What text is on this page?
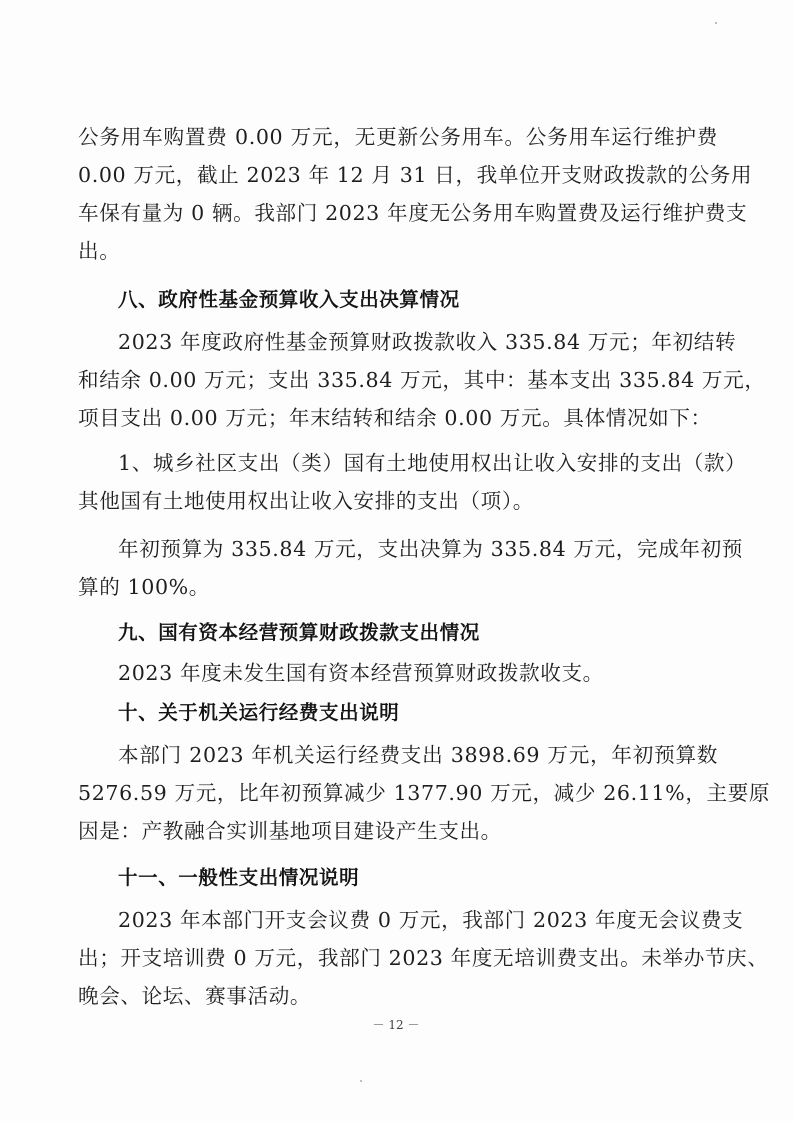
公务用车购置费 0.00 万元，无更新公务用车。公务用车运行维护费
0.00 万元，截止 2023 年 12 月 31 日，我单位开支财政拨款的公务用
车保有量为 0 辆。我部门 2023 年度无公务用车购置费及运行维护费支
出。
八、政府性基金预算收入支出决算情况
2023 年度政府性基金预算财政拨款收入 335.84 万元；年初结转
和结余 0.00 万元；支出 335.84 万元，其中：基本支出 335.84 万元，
项目支出 0.00 万元；年末结转和结余 0.00 万元。具体情况如下：
1、城乡社区支出（类）国有土地使用权出让收入安排的支出（款）
其他国有土地使用权出让收入安排的支出（项）。
年初预算为 335.84 万元，支出决算为 335.84 万元，完成年初预
算的 100%。
九、国有资本经营预算财政拨款支出情况
2023 年度未发生国有资本经营预算财政拨款收支。
十、关于机关运行经费支出说明
本部门 2023 年机关运行经费支出 3898.69 万元，年初预算数
5276.59 万元，比年初预算减少 1377.90 万元，减少 26.11%，主要原
因是：产教融合实训基地项目建设产生支出。
十一、一般性支出情况说明
2023 年本部门开支会议费 0 万元，我部门 2023 年度无会议费支
出；开支培训费 0 万元，我部门 2023 年度无培训费支出。未举办节庆、
晚会、论坛、赛事活动。
－ 12 －
